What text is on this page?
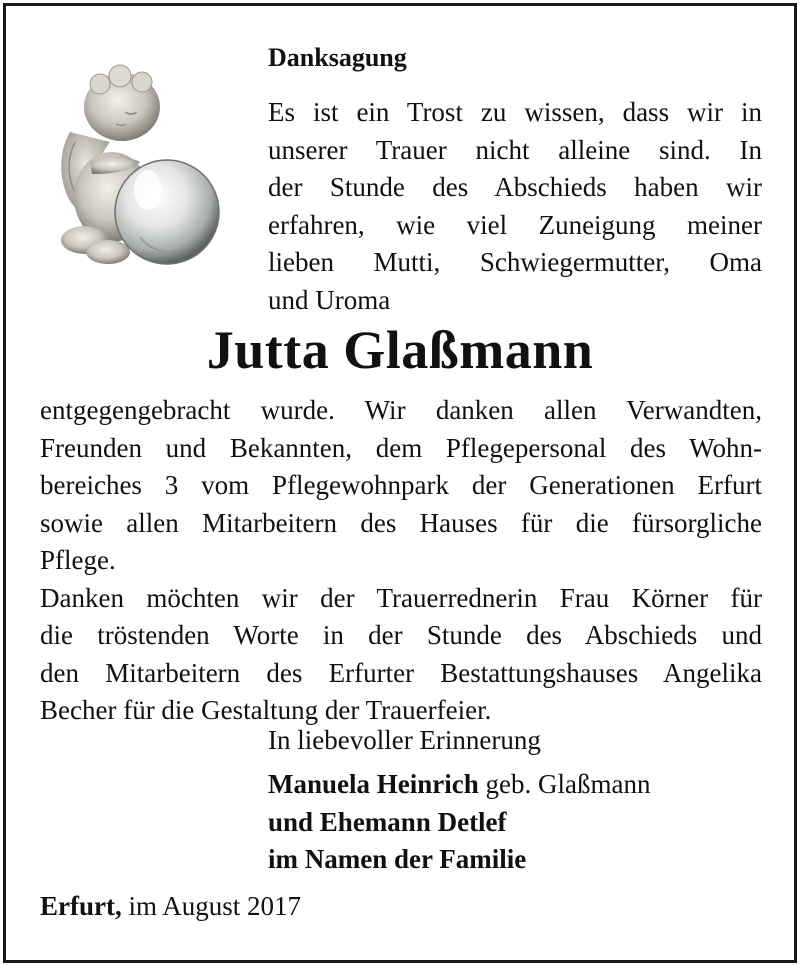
Danksagung
Es ist ein Trost zu wissen, dass wir in
unserer Trauer nicht alleine sind. In
der Stunde des Abschieds haben wir
erfahren, wie viel Zuneigung meiner
lieben Mutti, Schwiegermutter, Oma
und Uroma
Jutta Glaßmann
entgegengebracht wurde. Wir danken allen Verwandten,
Freunden und Bekannten, dem Pflegepersonal des Wohn-
bereiches 3 vom Pflegewohnpark der Generationen Erfurt
sowie allen Mitarbeitern des Hauses für die fürsorgliche
Pflege.
Danken möchten wir der Trauerrednerin Frau Körner für
die tröstenden Worte in der Stunde des Abschieds und
den Mitarbeitern des Erfurter Bestattungshauses Angelika
Becher für die Gestaltung der Trauerfeier.
In liebevoller Erinnerung
Manuela Heinrich geb. Glaßmann
und Ehemann Detlef
im Namen der Familie
Erfurt, im August 2017
